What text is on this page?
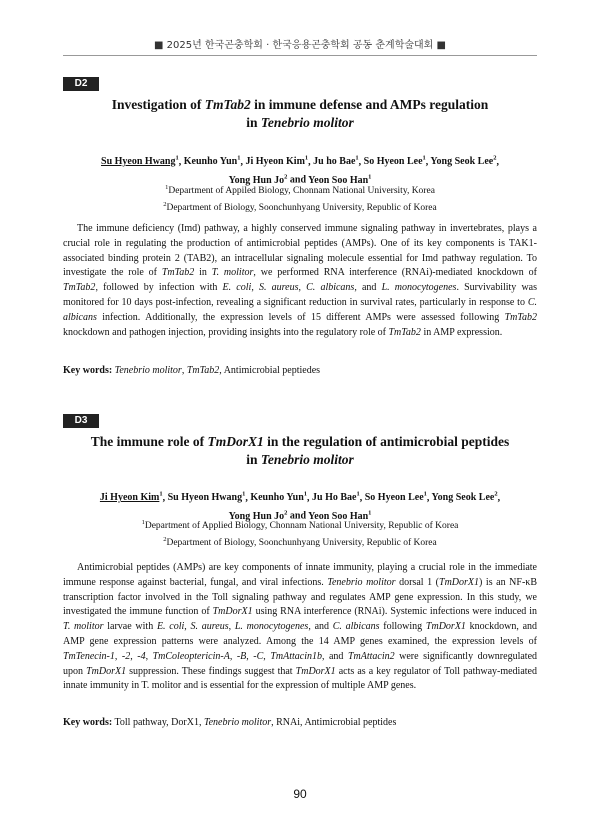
■ 2025년 한국곤충학회 · 한국응용곤충학회 공동 춘계학술대회 ■
D2
Investigation of TmTab2 in immune defense and AMPs regulation
in Tenebrio molitor
Su Hyeon Hwang$^1$, Keunho Yun$^1$, Ji Hyeon Kim$^1$, Ju ho Bae$^1$, So Hyeon Lee$^1$, Yong Seok Lee$^2$,
Yong Hun Jo$^2$ and Yeon Soo Han$^1$
$^1$Department of Appiled Biology, Chonnam National University, Korea
$^2$Department of Biology, Soonchunhyang University, Republic of Korea

The immune deficiency (Imd) pathway, a highly conserved immune signaling pathway in invertebrates, plays a crucial role in regulating the production of antimicrobial peptides (AMPs). One of its key components is TAK1-associated binding protein 2 (TAB2), an intracellular signaling molecule essential for Imd pathway regulation. To investigate the role of TmTab2 in T. molitor, we performed RNA interference (RNAi)-mediated knockdown of TmTab2, followed by infection with E. coli, S. aureus, C. albicans, and L. monocytogenes. Survivability was monitored for 10 days post-infection, revealing a significant reduction in survival rates, particularly in response to C. albicans infection. Additionally, the expression levels of 15 different AMPs were assessed following TmTab2 knockdown and pathogen injection, providing insights into the regulatory role of TmTab2 in AMP expression.

Key words: Tenebrio molitor, TmTab2, Antimicrobial peptiedes
D3
The immune role of TmDorX1 in the regulation of antimicrobial peptides
in Tenebrio molitor
Ji Hyeon Kim$^1$, Su Hyeon Hwang$^1$, Keunho Yun$^1$, Ju Ho Bae$^1$, So Hyeon Lee$^1$, Yong Seok Lee$^2$,
Yong Hun Jo$^2$ and Yeon Soo Han$^1$
$^1$Department of Applied Biology, Chonnam National University, Republic of Korea
$^2$Department of Biology, Soonchunhyang University, Republic of Korea

Antimicrobial peptides (AMPs) are key components of innate immunity, playing a crucial role in the immediate immune response against bacterial, fungal, and viral infections. Tenebrio molitor dorsal 1 (TmDorX1) is an NF-κB transcription factor involved in the Toll signaling pathway and regulates AMP gene expression. In this study, we investigated the immune function of TmDorX1 using RNA interference (RNAi). Systemic infections were induced in T. molitor larvae with E. coli, S. aureus, L. monocytogenes, and C. albicans following TmDorX1 knockdown, and AMP gene expression patterns were analyzed. Among the 14 AMP genes examined, the expression levels of TmTenecin-1, -2, -4, TmColeoptericin-A, -B, -C, TmAttacin1b, and TmAttacin2 were significantly downregulated upon TmDorX1 suppression. These findings suggest that TmDorX1 acts as a key regulator of Toll pathway-mediated innate immunity in T. molitor and is essential for the expression of multiple AMP genes.

Key words: Toll pathway, DorX1, Tenebrio molitor, RNAi, Antimicrobial peptides
90
